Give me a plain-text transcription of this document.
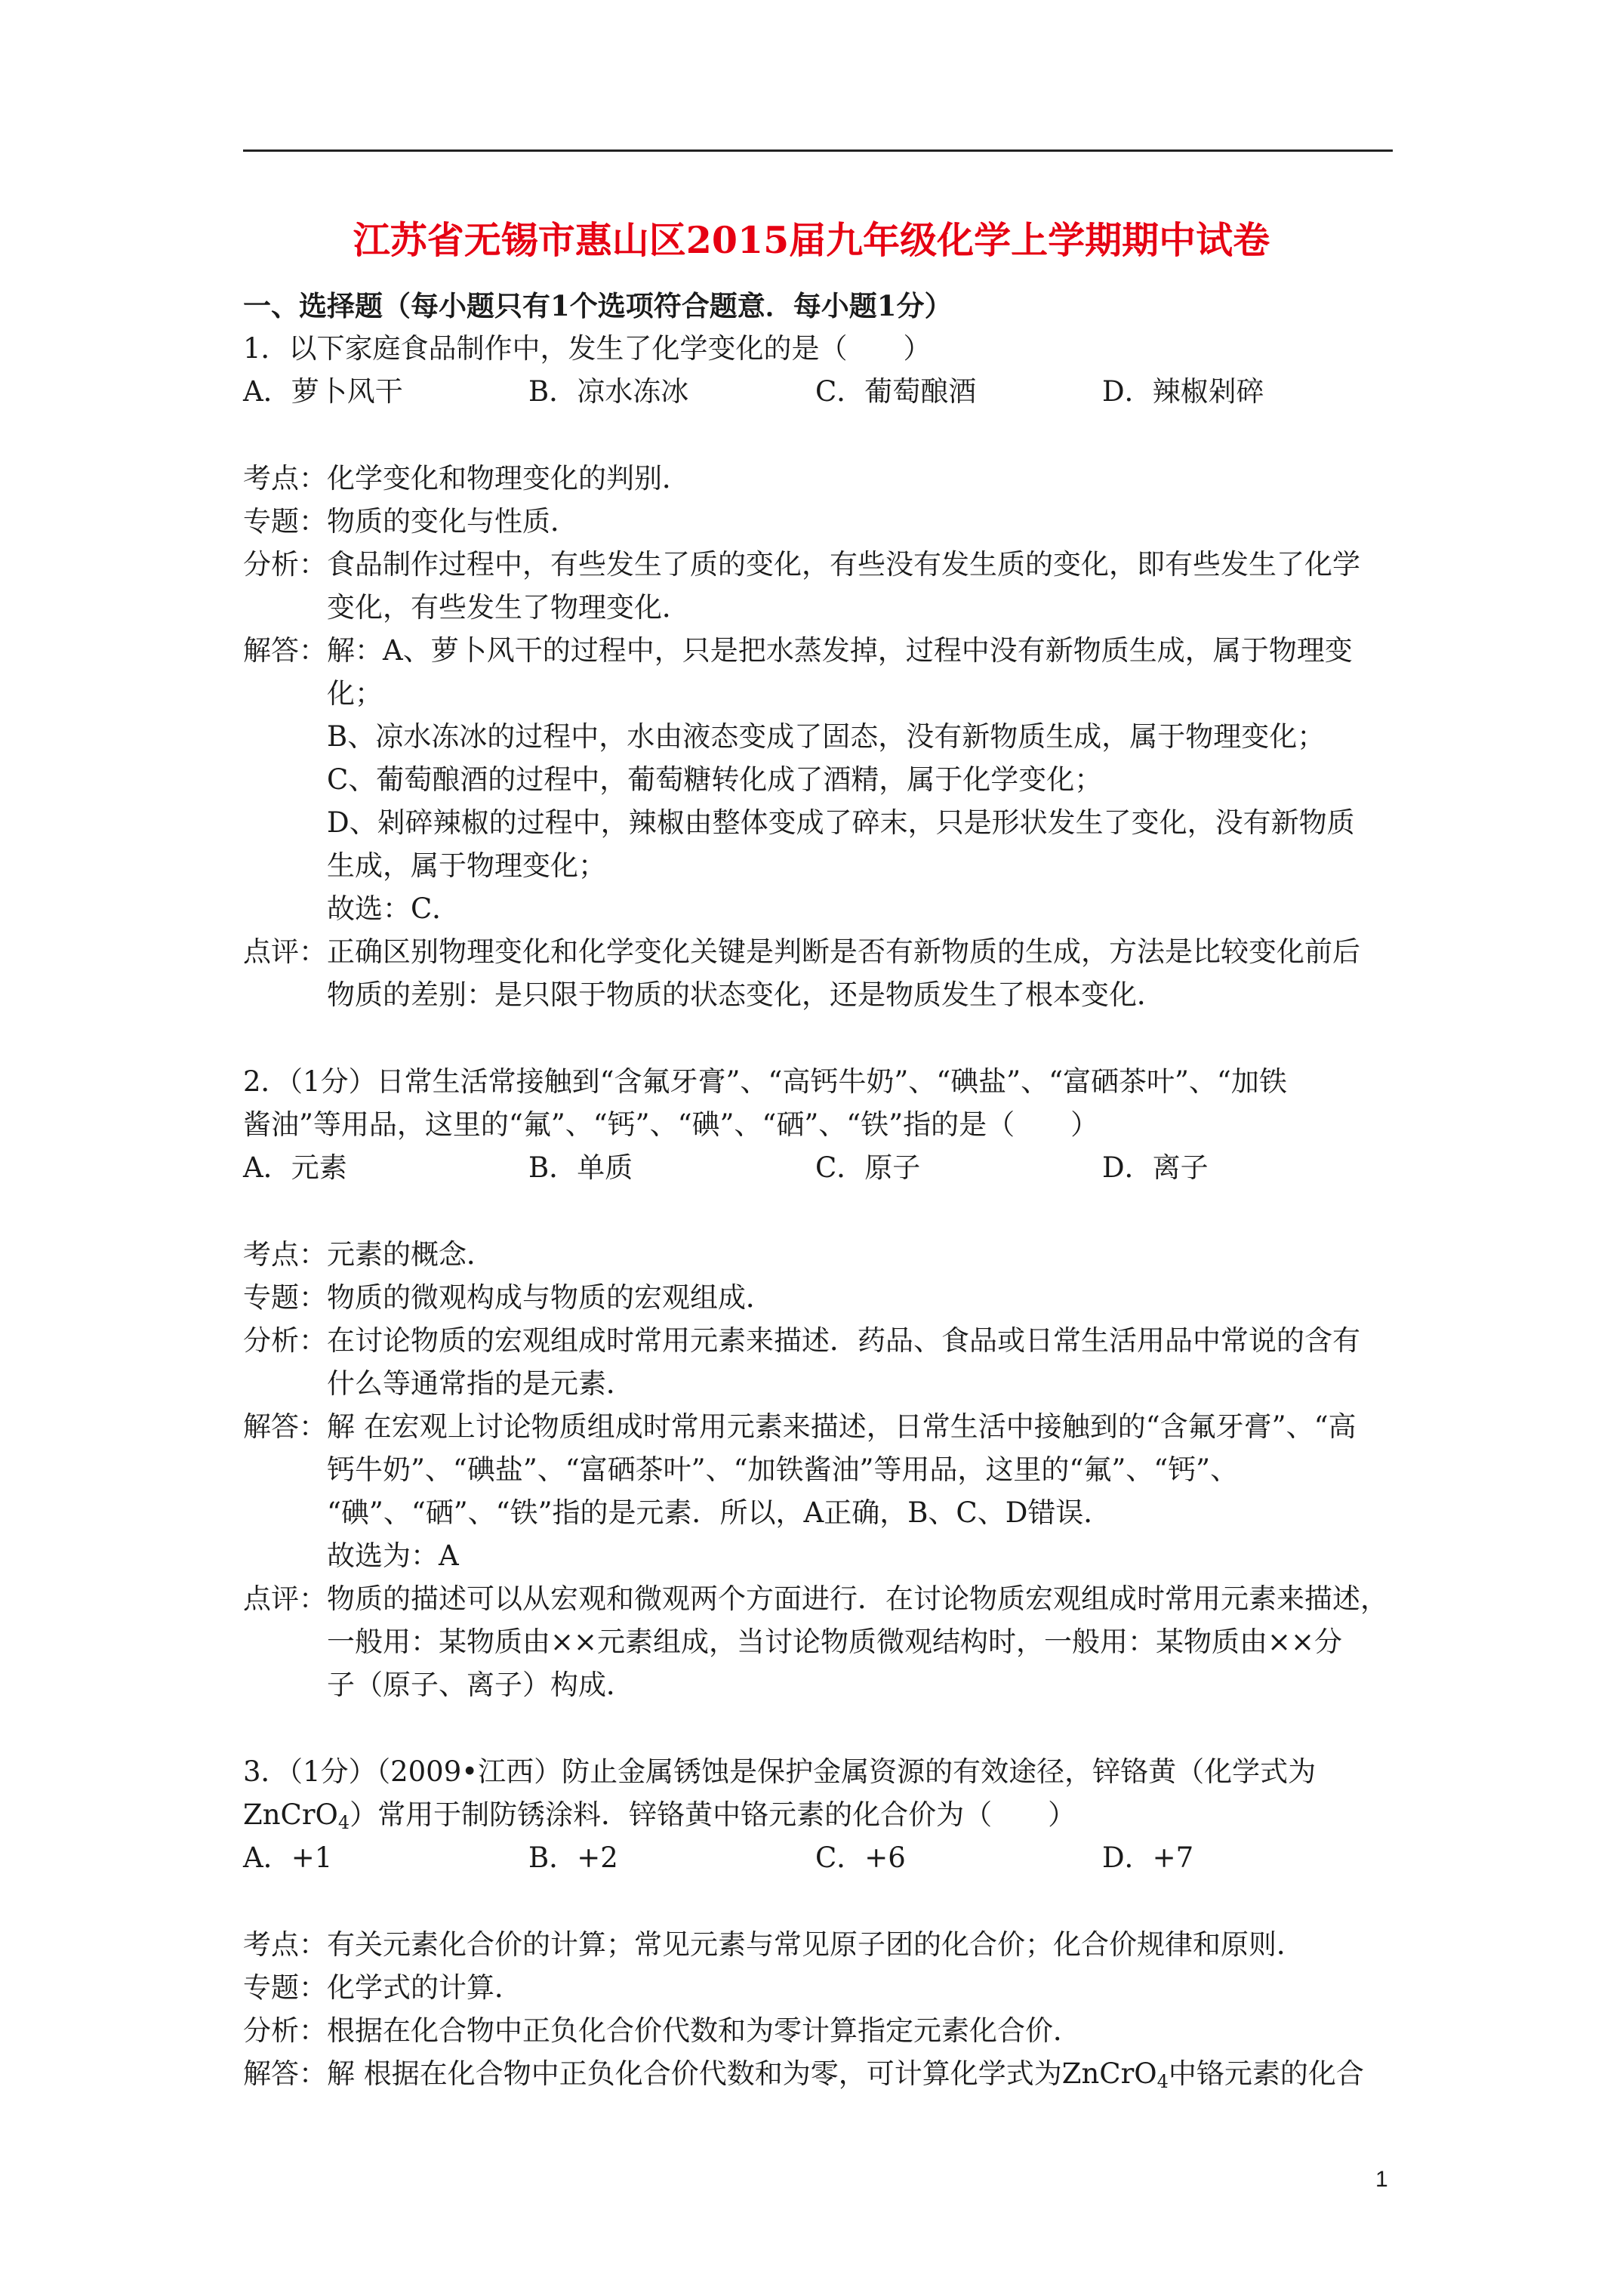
江苏省无锡市惠山区2015届九年级化学上学期期中试卷
一、选择题（每小题只有1个选项符合题意．每小题1分）
1．以下家庭食品制作中，发生了化学变化的是（　　）
A．萝卜风干	B．凉水冻冰	C．葡萄酿酒	D．辣椒剁碎
考点： 化学变化和物理变化的判别．
专题： 物质的变化与性质．
分析： 食品制作过程中，有些发生了质的变化，有些没有发生质的变化，即有些发生了化学
变化，有些发生了物理变化．
解答： 解：A、萝卜风干的过程中，只是把水蒸发掉，过程中没有新物质生成，属于物理变
化；
B、凉水冻冰的过程中，水由液态变成了固态，没有新物质生成，属于物理变化；
C、葡萄酿酒的过程中，葡萄糖转化成了酒精，属于化学变化；
D、剁碎辣椒的过程中，辣椒由整体变成了碎末，只是形状发生了变化，没有新物质
生成，属于物理变化；
故选：C．
点评： 正确区别物理变化和化学变化关键是判断是否有新物质的生成，方法是比较变化前后
物质的差别：是只限于物质的状态变化，还是物质发生了根本变化．
2．（1分）日常生活常接触到“含氟牙膏”、“高钙牛奶”、“碘盐”、“富硒茶叶”、“加铁
酱油”等用品，这里的“氟”、“钙”、“碘”、“硒”、“铁”指的是（　　）
A．元素	B．单质	C．原子	D．离子
考点： 元素的概念．
专题： 物质的微观构成与物质的宏观组成．
分析： 在讨论物质的宏观组成时常用元素来描述．药品、食品或日常生活用品中常说的含有
什么等通常指的是元素．
解答： 解 在宏观上讨论物质组成时常用元素来描述，日常生活中接触到的“含氟牙膏”、“高
钙牛奶”、“碘盐”、“富硒茶叶”、“加铁酱油”等用品，这里的“氟”、“钙”、
“碘”、“硒”、“铁”指的是元素．所以，A正确，B、C、D错误．
故选为：A
点评： 物质的描述可以从宏观和微观两个方面进行．在讨论物质宏观组成时常用元素来描述，
一般用：某物质由××元素组成，当讨论物质微观结构时，一般用：某物质由××分
子（原子、离子）构成．
3．（1分）（2009•江西）防止金属锈蚀是保护金属资源的有效途径，锌铬黄（化学式为
ZnCrO$_4$）常用于制防锈涂料．锌铬黄中铬元素的化合价为（　　）
A．+1	B．+2	C．+6	D．+7
考点： 有关元素化合价的计算；常见元素与常见原子团的化合价；化合价规律和原则．
专题： 化学式的计算．
分析： 根据在化合物中正负化合价代数和为零计算指定元素化合价．
解答： 解 根据在化合物中正负化合价代数和为零，可计算化学式为ZnCrO$_4$中铬元素的化合
1
